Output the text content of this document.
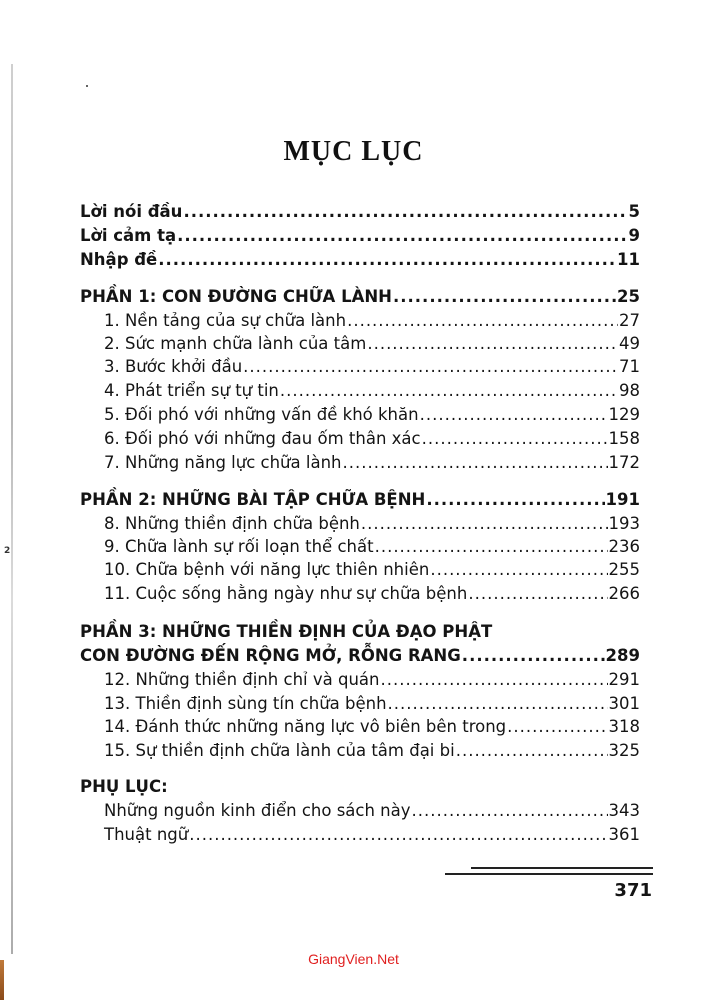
2
MỤC LỤC
Lời nói đầu .....	5
Lời cảm tạ .....	9
Nhập đề .....	11
PHẦN 1: CON ĐƯỜNG CHỮA LÀNH .....	25
1. Nền tảng của sự chữa lành .....	27
2. Sức mạnh chữa lành của tâm .....	49
3. Bước khởi đầu .....	71
4. Phát triển sự tự tin .....	98
5. Đối phó với những vấn đề khó khăn .....	129
6. Đối phó với những đau ốm thân xác .....	158
7. Những năng lực chữa lành .....	172
PHẦN 2: NHỮNG BÀI TẬP CHỮA BỆNH .....	191
8. Những thiền định chữa bệnh .....	193
9. Chữa lành sự rối loạn thể chất .....	236
10. Chữa bệnh với năng lực thiên nhiên .....	255
11. Cuộc sống hằng ngày như sự chữa bệnh .....	266
PHẦN 3: NHỮNG THIỀN ĐỊNH CỦA ĐẠO PHẬT
CON ĐƯỜNG ĐẾN RỘNG MỞ, RỖNG RANG .....	289
12. Những thiền định chỉ và quán .....	291
13. Thiền định sùng tín chữa bệnh .....	301
14. Đánh thức những năng lực vô biên bên trong .....	318
15. Sự thiền định chữa lành của tâm đại bi .....	325
PHỤ LỤC:
Những nguồn kinh điển cho sách này .....	343
Thuật ngữ .....	361
371
GiangVien.Net
